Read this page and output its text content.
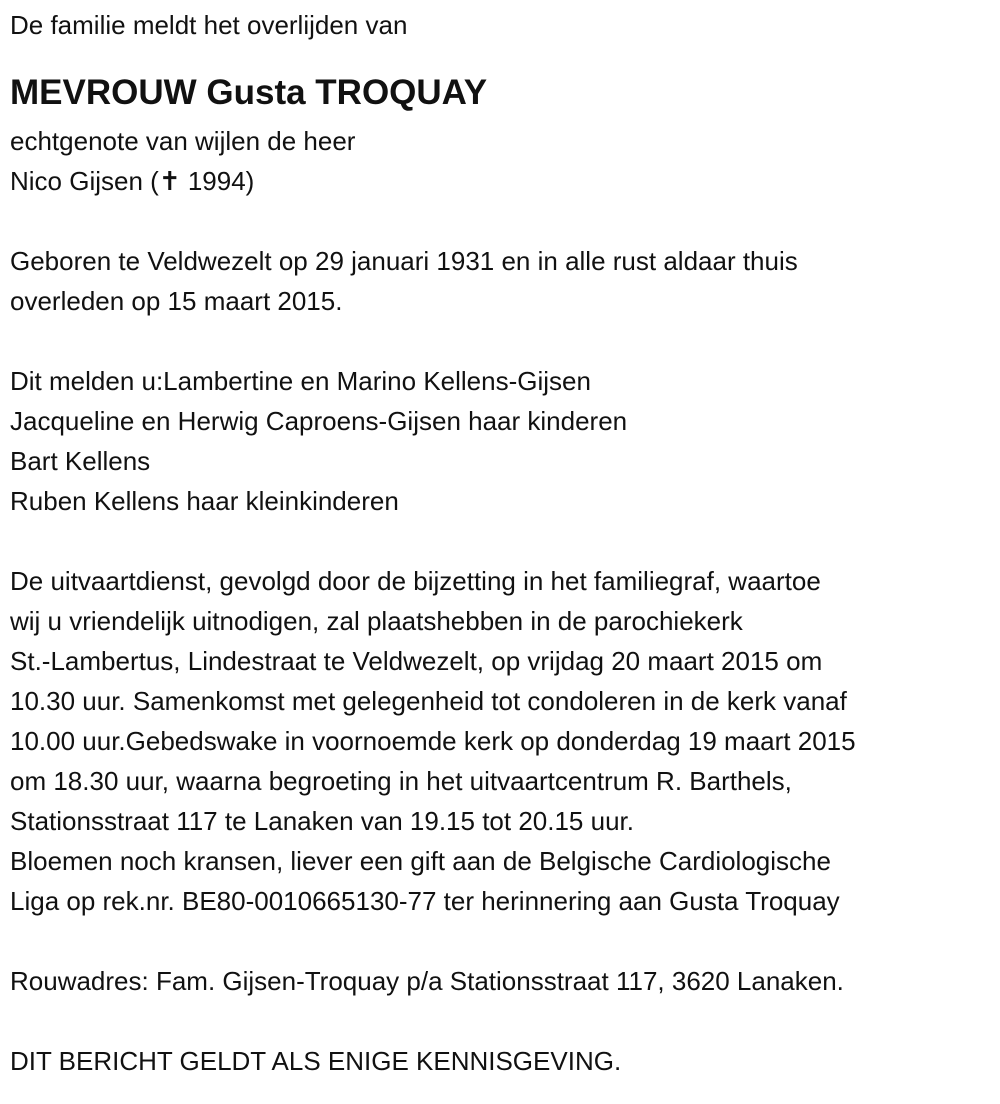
De familie meldt het overlijden van
MEVROUW Gusta TROQUAY
echtgenote van wijlen de heer
Nico Gijsen (✝ 1994)
Geboren te Veldwezelt op 29 januari 1931 en in alle rust aldaar thuis
overleden op 15 maart 2015.
Dit melden u:Lambertine en Marino Kellens-Gijsen
Jacqueline en Herwig Caproens-Gijsen haar kinderen
Bart Kellens
Ruben Kellens haar kleinkinderen
De uitvaartdienst, gevolgd door de bijzetting in het familiegraf, waartoe
wij u vriendelijk uitnodigen, zal plaatshebben in de parochiekerk
St.-Lambertus, Lindestraat te Veldwezelt, op vrijdag 20 maart 2015 om
10.30 uur. Samenkomst met gelegenheid tot condoleren in de kerk vanaf
10.00 uur.Gebedswake in voornoemde kerk op donderdag 19 maart 2015
om 18.30 uur, waarna begroeting in het uitvaartcentrum R. Barthels,
Stationsstraat 117 te Lanaken van 19.15 tot 20.15 uur.
Bloemen noch kransen, liever een gift aan de Belgische Cardiologische
Liga op rek.nr. BE80-0010665130-77 ter herinnering aan Gusta Troquay
Rouwadres: Fam. Gijsen-Troquay p/a Stationsstraat 117, 3620 Lanaken.
DIT BERICHT GELDT ALS ENIGE KENNISGEVING.
